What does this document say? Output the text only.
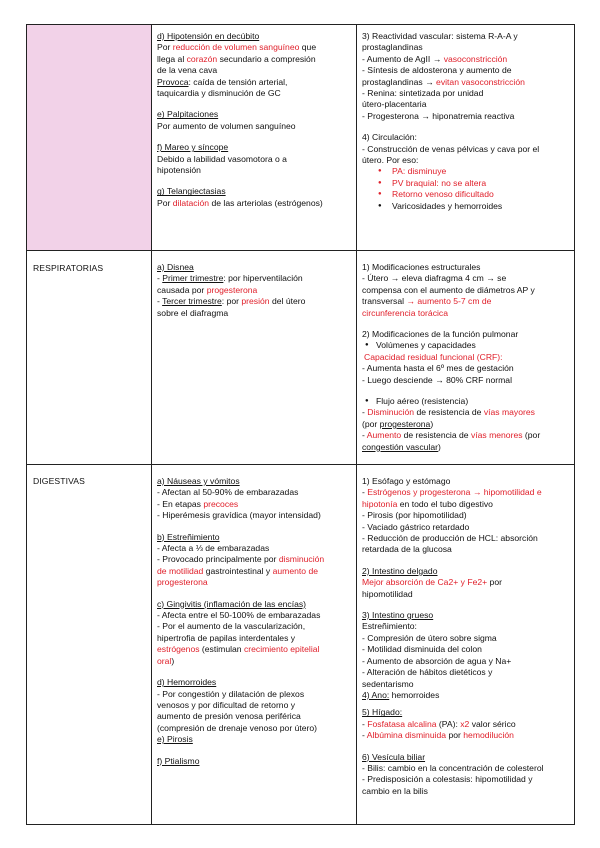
d) Hipotensión en decúbito
Por reducción de volumen sanguíneo que
llega al corazón secundario a compresión
de la vena cava
Provoca: caída de tensión arterial,
taquicardia y disminución de GC
e) Palpitaciones
Por aumento de volumen sanguíneo
f) Mareo y síncope
Debido a labilidad vasomotora o a
hipotensión
g) Telangiectasias
Por dilatación de las arteriolas (estrógenos)
3) Reactividad vascular: sistema R-A-A y
prostaglandinas
- Aumento de AgII → vasoconstricción
- Síntesis de aldosterona y aumento de
prostaglandinas → evitan vasoconstricción
- Renina: sintetizada por unidad
útero-placentaria
- Progesterona → hiponatremia reactiva
4) Circulación:
- Construcción de venas pélvicas y cava por el
útero. Por eso:
● PA: disminuye
● PV braquial: no se altera
● Retorno venoso dificultado
● Varicosidades y hemorroides
RESPIRATORIAS	a) Disnea
- Primer trimestre: por hiperventilación
causada por progesterona
- Tercer trimestre: por presión del útero
sobre el diafragma
1) Modificaciones estructurales
- Útero → eleva diafragma 4 cm → se
compensa con el aumento de diámetros AP y
transversal → aumento 5-7 cm de
circunferencia torácica
2) Modificaciones de la función pulmonar
● Volúmenes y capacidades
Capacidad residual funcional (CRF):
- Aumenta hasta el 6º mes de gestación
- Luego desciende → 80% CRF normal
● Flujo aéreo (resistencia)
- Disminución de resistencia de vías mayores
(por progesterona)
- Aumento de resistencia de vías menores (por
congestión vascular)
DIGESTIVAS	a) Náuseas y vómitos
- Afectan al 50-90% de embarazadas
- En etapas precoces
- Hiperémesis gravídica (mayor intensidad)
b) Estreñimiento
- Afecta a ⅓ de embarazadas
- Provocado principalmente por disminución
de motilidad gastrointestinal y aumento de
progesterona
c) Gingivitis (inflamación de las encías)
- Afecta entre el 50-100% de embarazadas
- Por el aumento de la vascularización,
hipertrofia de papilas interdentales y
estrógenos (estimulan crecimiento epitelial
oral)
d) Hemorroides
- Por congestión y dilatación de plexos
venosos y por dificultad de retorno y
aumento de presión venosa periférica
(compresión de drenaje venoso por útero)
e) Pirosis
f) Ptialismo
1) Esófago y estómago
- Estrógenos y progesterona → hipomotilidad e
hipotonía en todo el tubo digestivo
- Pirosis (por hipomotilidad)
- Vaciado gástrico retardado
- Reducción de producción de HCL: absorción
retardada de la glucosa
2) Intestino delgado
Mejor absorción de Ca2+ y Fe2+ por
hipomotilidad
3) Intestino grueso
Estreñimiento:
- Compresión de útero sobre sigma
- Motilidad disminuida del colon
- Aumento de absorción de agua y Na+
- Alteración de hábitos dietéticos y
sedentarismo
4) Ano: hemorroides
5) Hígado:
- Fosfatasa alcalina (PA): x2 valor sérico
- Albúmina disminuida por hemodilución
6) Vesícula biliar
- Bilis: cambio en la concentración de colesterol
- Predisposición a colestasis: hipomotilidad y
cambio en la bilis
